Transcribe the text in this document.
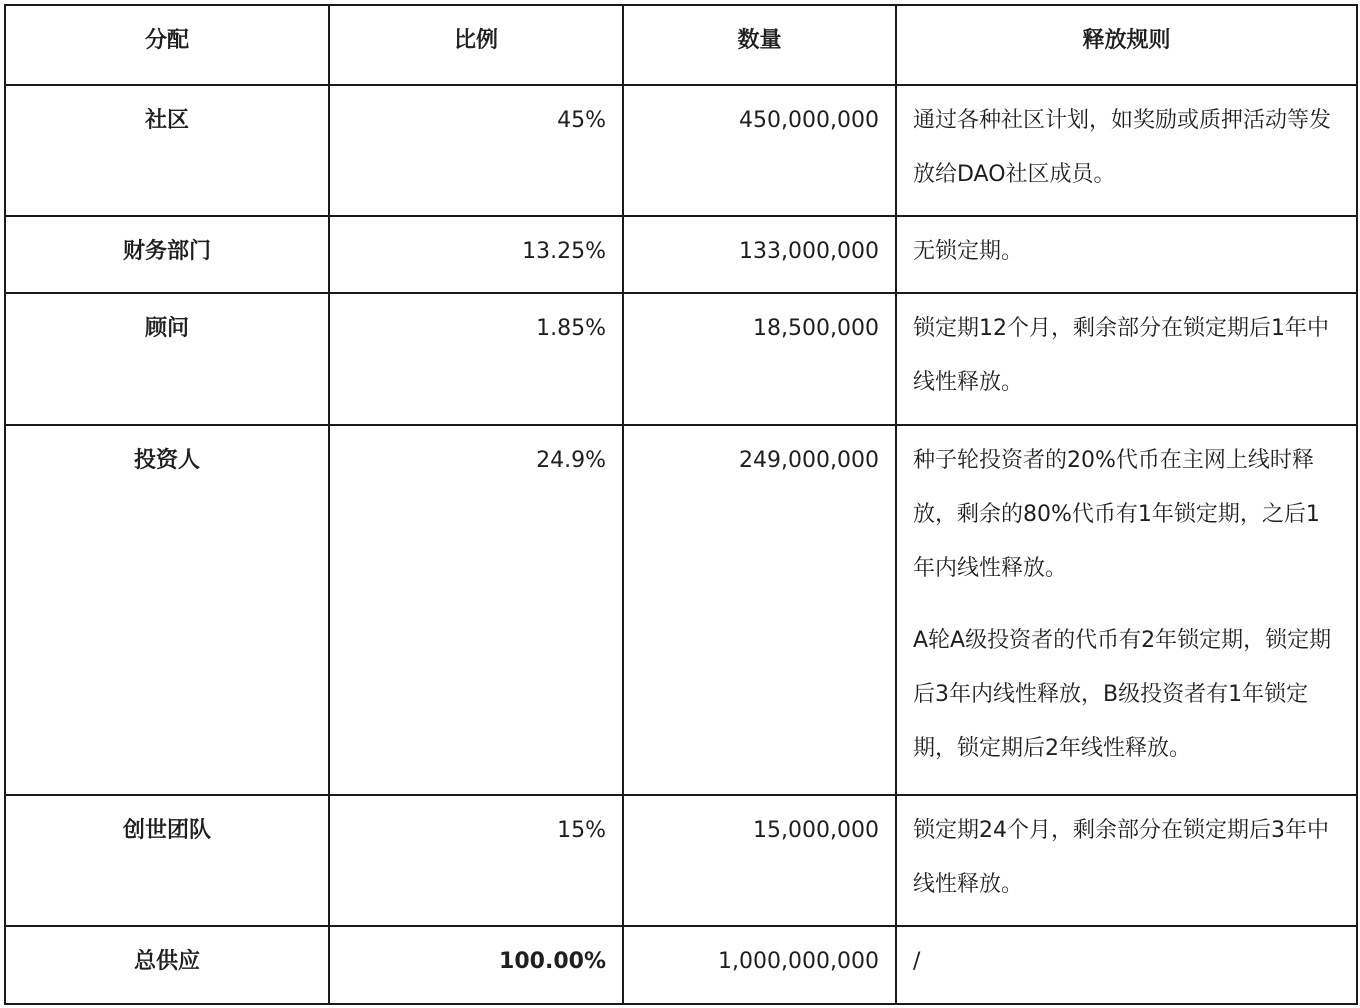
分配	比例	数量	释放规则
社区	45%	450,000,000	通过各种社区计划，如奖励或质押活动等发放给DAO社区成员。

财务部门	13.25%	133,000,000	无锁定期。

顾问	1.85%	18,500,000	锁定期12个月，剩余部分在锁定期后1年中线性释放。

投资人	24.9%	249,000,000	种子轮投资者的20%代币在主网上线时释放，剩余的80%代币有1年锁定期，之后1年内线性释放。
A轮A级投资者的代币有2年锁定期，锁定期后3年内线性释放，B级投资者有1年锁定期，锁定期后2年线性释放。

创世团队	15%	15,000,000	锁定期24个月，剩余部分在锁定期后3年中线性释放。

总供应	100.00%	1,000,000,000	/
